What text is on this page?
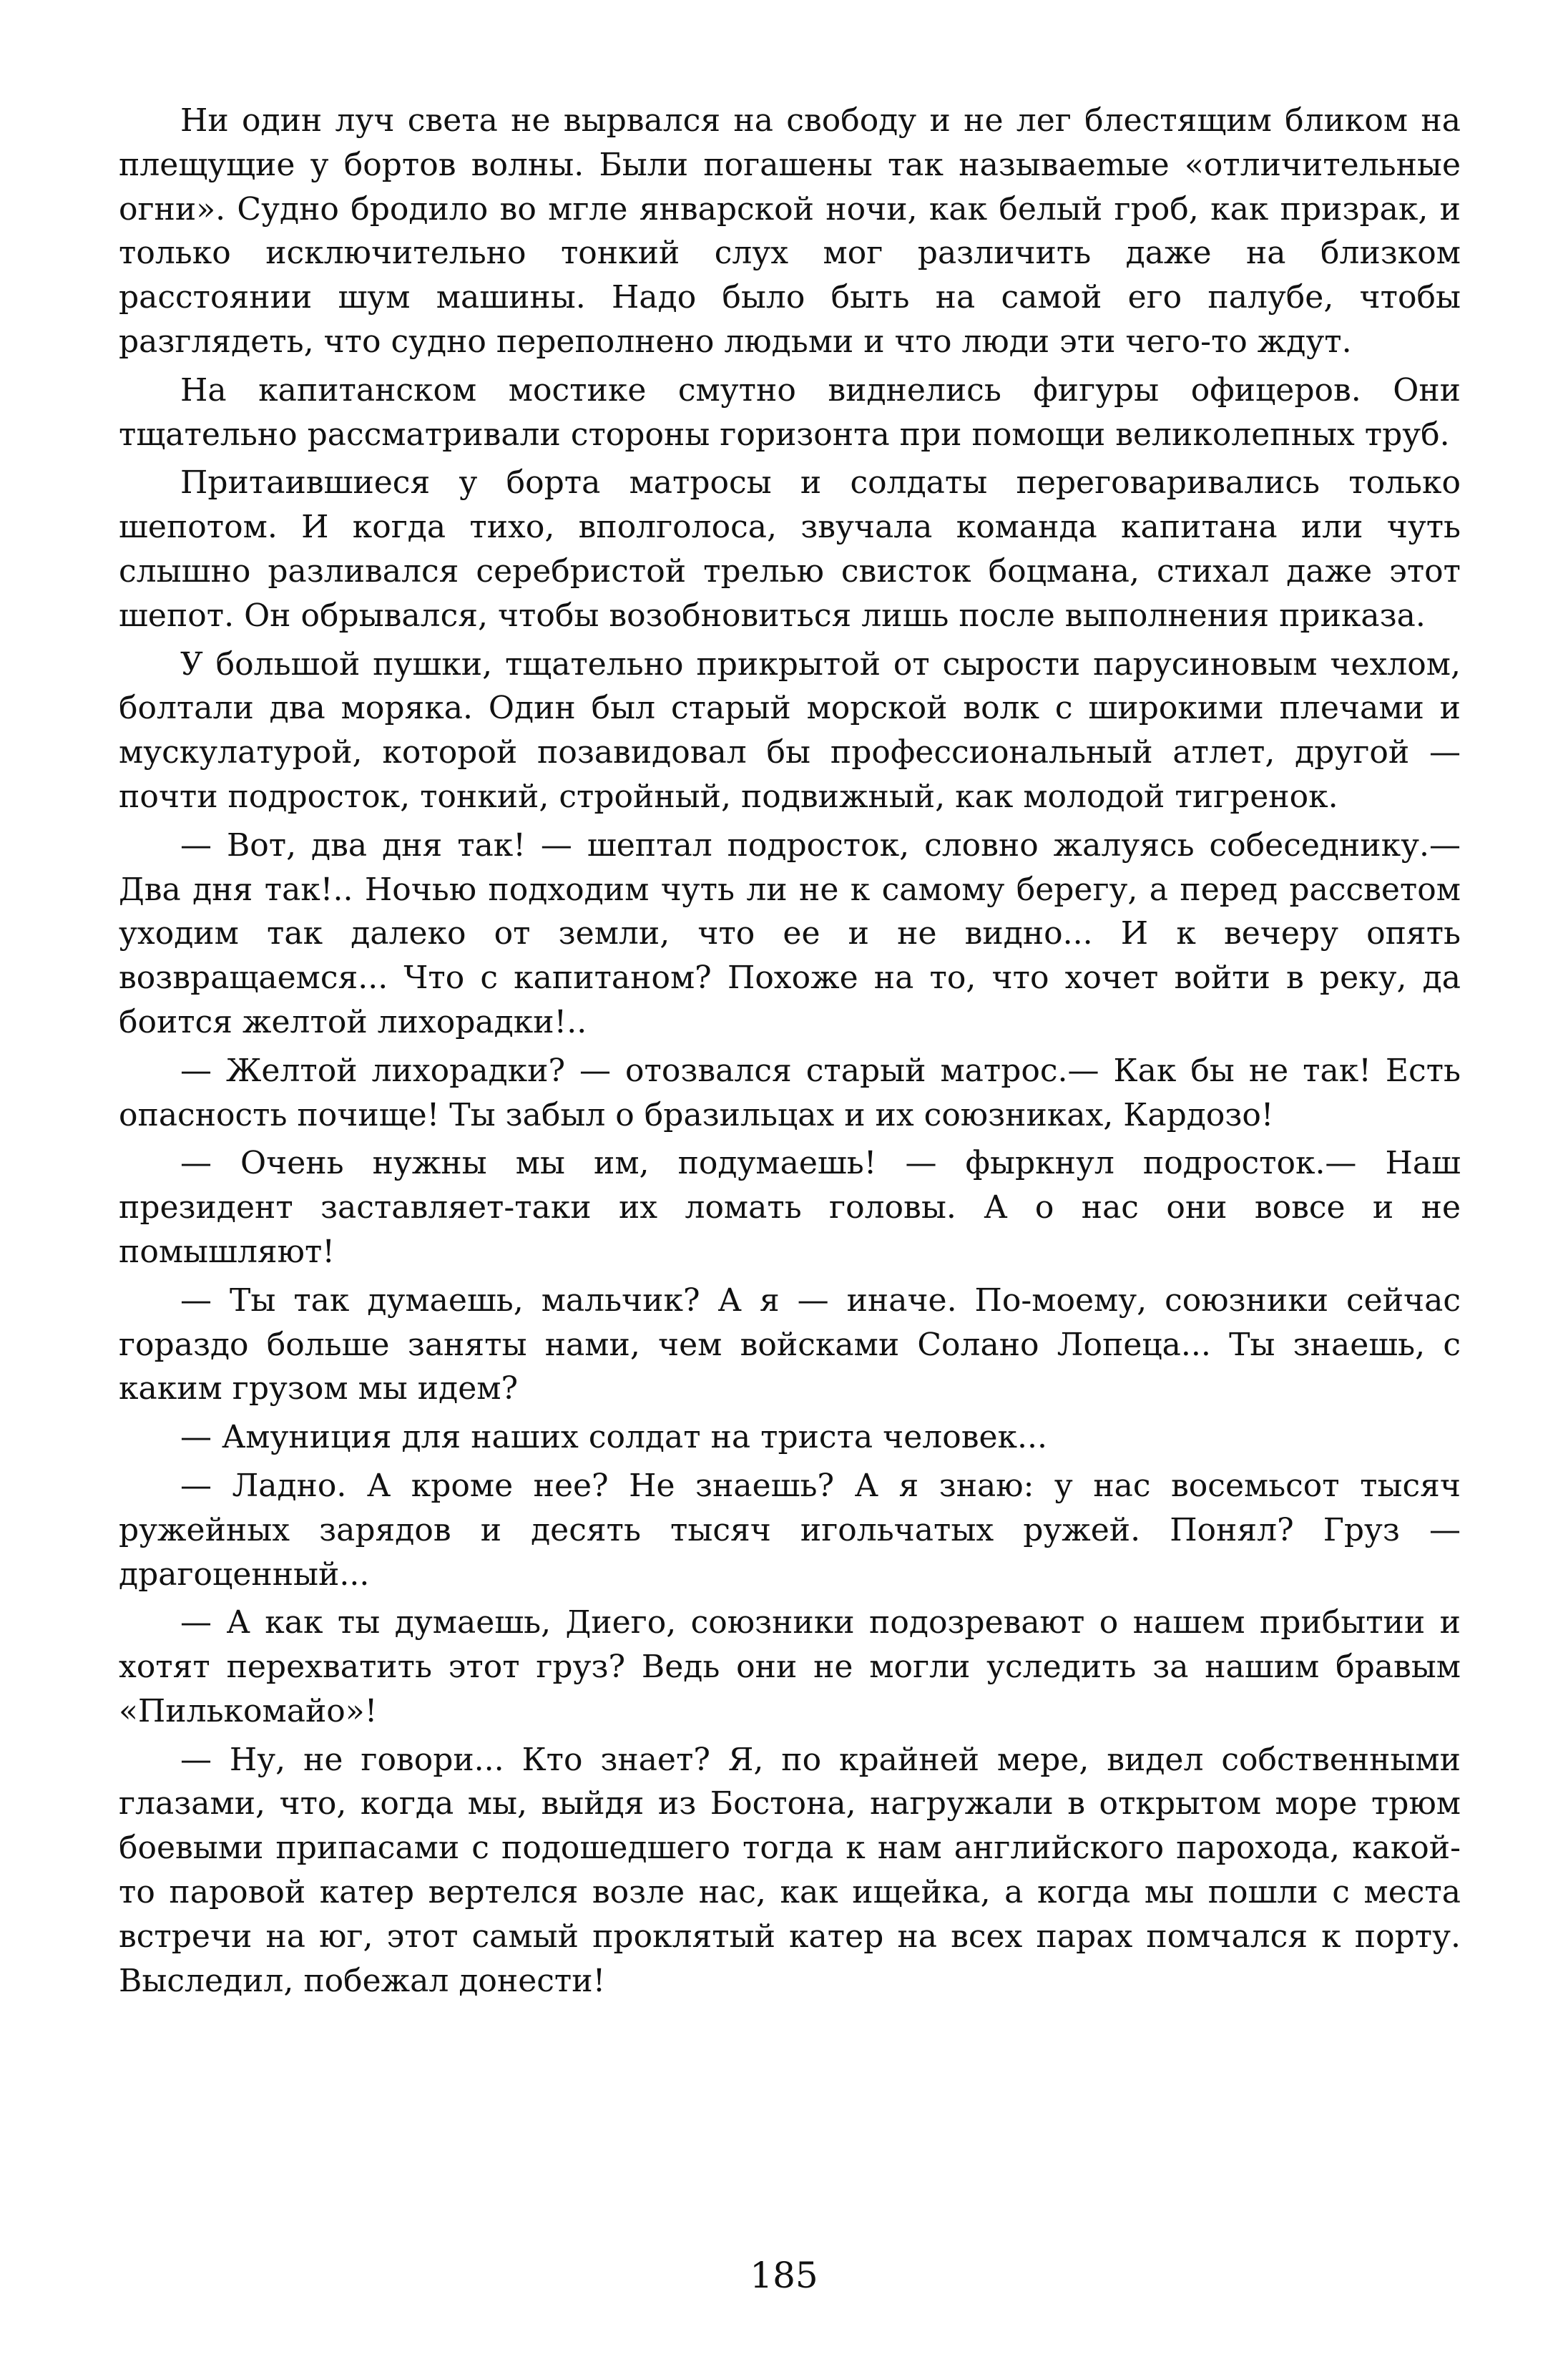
Ни один луч света не вырвался на свободу и не лег блестящим бликом на плещущие у бортов волны. Были погашены так называеmые «отличительные огни». Судно бродило во мгле январской ночи, как белый гроб, как призрак, и только исключительно тонкий слух мог различить даже на близком расстоянии шум машины. Надо было быть на самой его палубе, чтобы разглядеть, что судно переполнено людьми и что люди эти чего-то ждут.

На капитанском мостике смутно виднелись фигуры офицеров. Они тщательно рассматривали стороны горизонта при помощи великолепных труб.

Притаившиеся у борта матросы и солдаты переговаривались только шепотом. И когда тихо, вполголоса, звучала команда капитана или чуть слышно разливался серебристой трелью свисток боцмана, стихал даже этот шепот. Он обрывался, чтобы возобновиться лишь после выполнения приказа.

У большой пушки, тщательно прикрытой от сырости парусиновым чехлом, болтали два моряка. Один был старый морской волк с широкими плечами и мускулатурой, которой позавидовал бы профессиональный атлет, другой — почти подросток, тонкий, стройный, подвижный, как молодой тигренок.

— Вот, два дня так! — шептал подросток, словно жалуясь собеседнику.— Два дня так!.. Ночью подходим чуть ли не к самому берегу, а перед рассветом уходим так далеко от земли, что ее и не видно... И к вечеру опять возвращаемся... Что с капитаном? Похоже на то, что хочет войти в реку, да боится желтой лихорадки!..

— Желтой лихорадки? — отозвался старый матрос.— Как бы не так! Есть опасность почище! Ты забыл о бразильцах и их союзниках, Кардозо!

— Очень нужны мы им, подумаешь! — фыркнул подросток.— Наш президент заставляет-таки их ломать головы. А о нас они вовсе и не помышляют!

— Ты так думаешь, мальчик? А я — иначе. По-моему, союзники сейчас гораздо больше заняты нами, чем войсками Солано Лопеца... Ты знаешь, с каким грузом мы идем?

— Амуниция для наших солдат на триста человек...

— Ладно. А кроме нее? Не знаешь? А я знаю: у нас восемьсот тысяч ружейных зарядов и десять тысяч игольчатых ружей. Понял? Груз — драгоценный...

— А как ты думаешь, Диего, союзники подозревают о нашем прибытии и хотят перехватить этот груз? Ведь они не могли уследить за нашим бравым «Пилькомайо»!

— Ну, не говори... Кто знает? Я, по крайней мере, видел собственными глазами, что, когда мы, выйдя из Бостона, нагружали в открытом море трюм боевыми припасами с подошедшего тогда к нам английского парохода, какой-то паровой катер вертелся возле нас, как ищейка, а когда мы пошли с места встречи на юг, этот самый проклятый катер на всех парах помчался к порту. Выследил, побежал донести!

185
